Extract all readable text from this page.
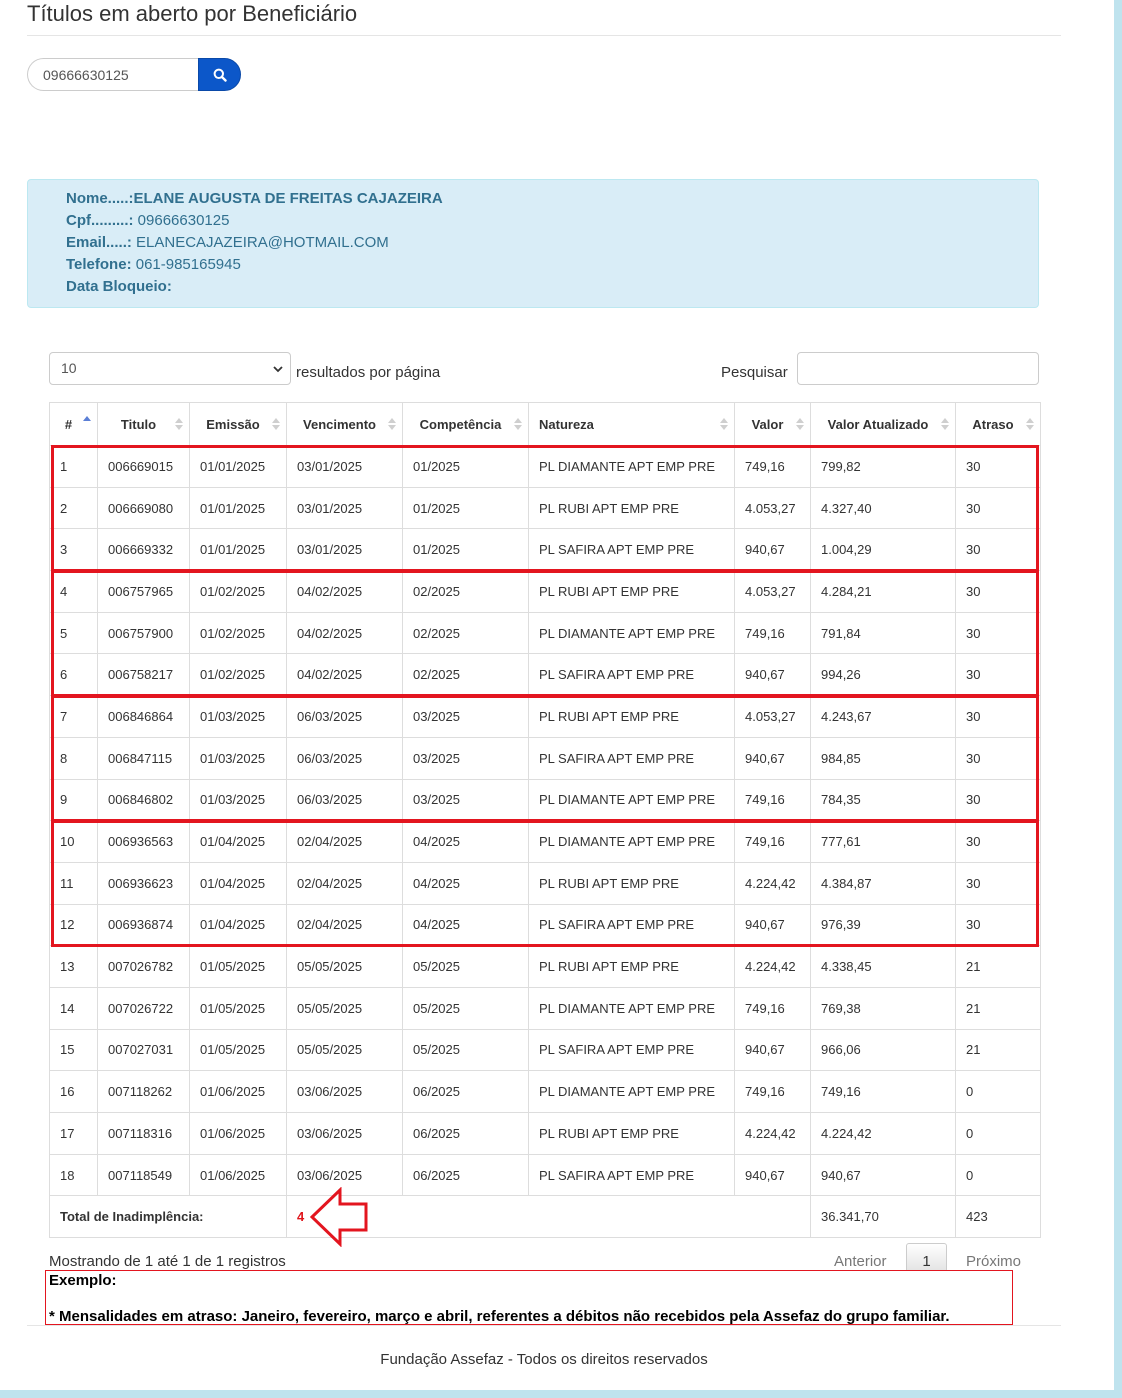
Títulos em aberto por Beneficiário
09666630125
Nome.....:ELANE AUGUSTA DE FREITAS CAJAZEIRA
Cpf.........: 09666630125
Email.....: ELANECAJAZEIRA@HOTMAIL.COM
Telefone: 061-985165945
Data Bloqueio:
10	resultados por página	Pesquisar
#	Titulo	Emissão	Vencimento	Competência	Natureza	Valor	Valor Atualizado	Atraso

1	006669015	01/01/2025	03/01/2025	01/2025	PL DIAMANTE APT EMP PRE	749,16	799,82	30
2	006669080	01/01/2025	03/01/2025	01/2025	PL RUBI APT EMP PRE	4.053,27	4.327,40	30
3	006669332	01/01/2025	03/01/2025	01/2025	PL SAFIRA APT EMP PRE	940,67	1.004,29	30
4	006757965	01/02/2025	04/02/2025	02/2025	PL RUBI APT EMP PRE	4.053,27	4.284,21	30
5	006757900	01/02/2025	04/02/2025	02/2025	PL DIAMANTE APT EMP PRE	749,16	791,84	30
6	006758217	01/02/2025	04/02/2025	02/2025	PL SAFIRA APT EMP PRE	940,67	994,26	30
7	006846864	01/03/2025	06/03/2025	03/2025	PL RUBI APT EMP PRE	4.053,27	4.243,67	30
8	006847115	01/03/2025	06/03/2025	03/2025	PL SAFIRA APT EMP PRE	940,67	984,85	30
9	006846802	01/03/2025	06/03/2025	03/2025	PL DIAMANTE APT EMP PRE	749,16	784,35	30
10	006936563	01/04/2025	02/04/2025	04/2025	PL DIAMANTE APT EMP PRE	749,16	777,61	30
11	006936623	01/04/2025	02/04/2025	04/2025	PL RUBI APT EMP PRE	4.224,42	4.384,87	30
12	006936874	01/04/2025	02/04/2025	04/2025	PL SAFIRA APT EMP PRE	940,67	976,39	30
13	007026782	01/05/2025	05/05/2025	05/2025	PL RUBI APT EMP PRE	4.224,42	4.338,45	21
14	007026722	01/05/2025	05/05/2025	05/2025	PL DIAMANTE APT EMP PRE	749,16	769,38	21
15	007027031	01/05/2025	05/05/2025	05/2025	PL SAFIRA APT EMP PRE	940,67	966,06	21
16	007118262	01/06/2025	03/06/2025	06/2025	PL DIAMANTE APT EMP PRE	749,16	749,16	0
17	007118316	01/06/2025	03/06/2025	06/2025	PL RUBI APT EMP PRE	4.224,42	4.224,42	0
18	007118549	01/06/2025	03/06/2025	06/2025	PL SAFIRA APT EMP PRE	940,67	940,67	0
Total de Inadimplência:			4				36.341,70	423
Mostrando de 1 até 1 de 1 registros	Anterior	1	Próximo
Exemplo:
* Mensalidades em atraso: Janeiro, fevereiro, março e abril, referentes a débitos não recebidos pela Assefaz do grupo familiar.
Fundação Assefaz - Todos os direitos reservados
